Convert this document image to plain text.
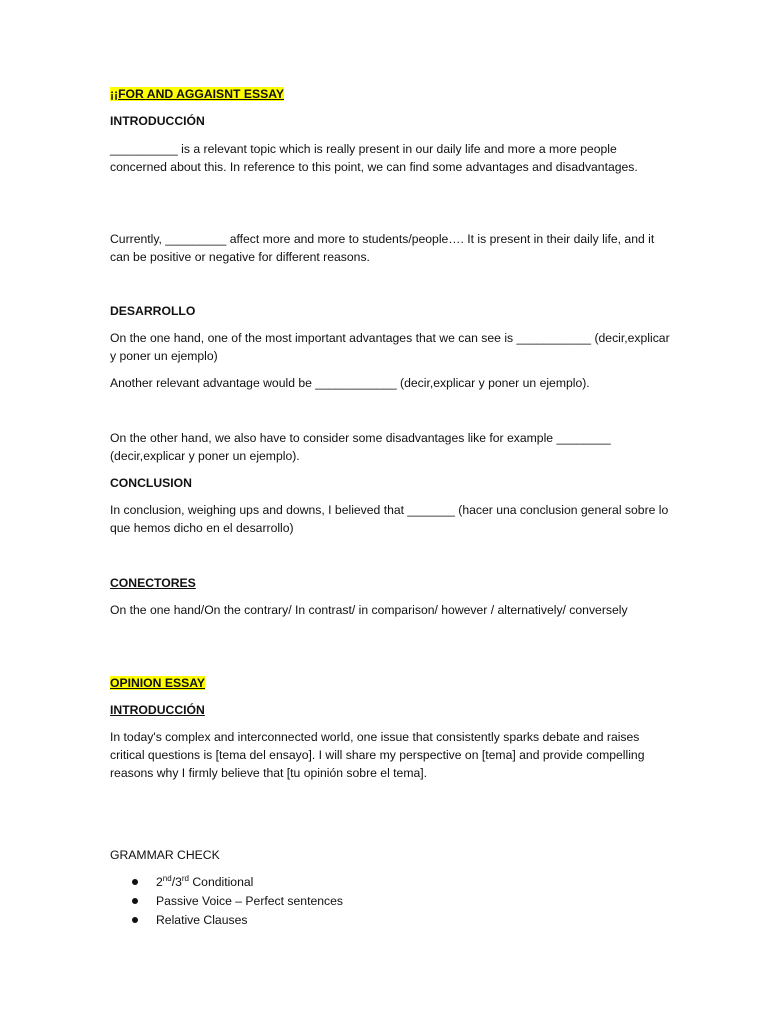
¡¡FOR AND AGGAISNT ESSAY

INTRODUCCIÓN

__________ is a relevant topic which is really present in our daily life and more a more people concerned about this. In reference to this point, we can find some advantages and disadvantages.

Currently, _________ affect more and more to students/people…. It is present in their daily life, and it can be positive or negative for different reasons.

DESARROLLO

On the one hand, one of the most important advantages that we can see is ___________ (decir,explicar y poner un ejemplo)

Another relevant advantage would be ____________ (decir,explicar y poner un ejemplo).

On the other hand, we also have to consider some disadvantages like for example ________ (decir,explicar y poner un ejemplo).

CONCLUSION

In conclusion, weighing ups and downs, I believed that _______ (hacer una conclusion general sobre lo que hemos dicho en el desarrollo)

CONECTORES

On the one hand/On the contrary/ In contrast/ in comparison/ however / alternatively/ conversely

OPINION ESSAY

INTRODUCCIÓN

In today's complex and interconnected world, one issue that consistently sparks debate and raises critical questions is [tema del ensayo]. I will share my perspective on [tema] and provide compelling reasons why I firmly believe that [tu opinión sobre el tema].

GRAMMAR CHECK

2nd/3rd Conditional
Passive Voice – Perfect sentences
Relative Clauses
